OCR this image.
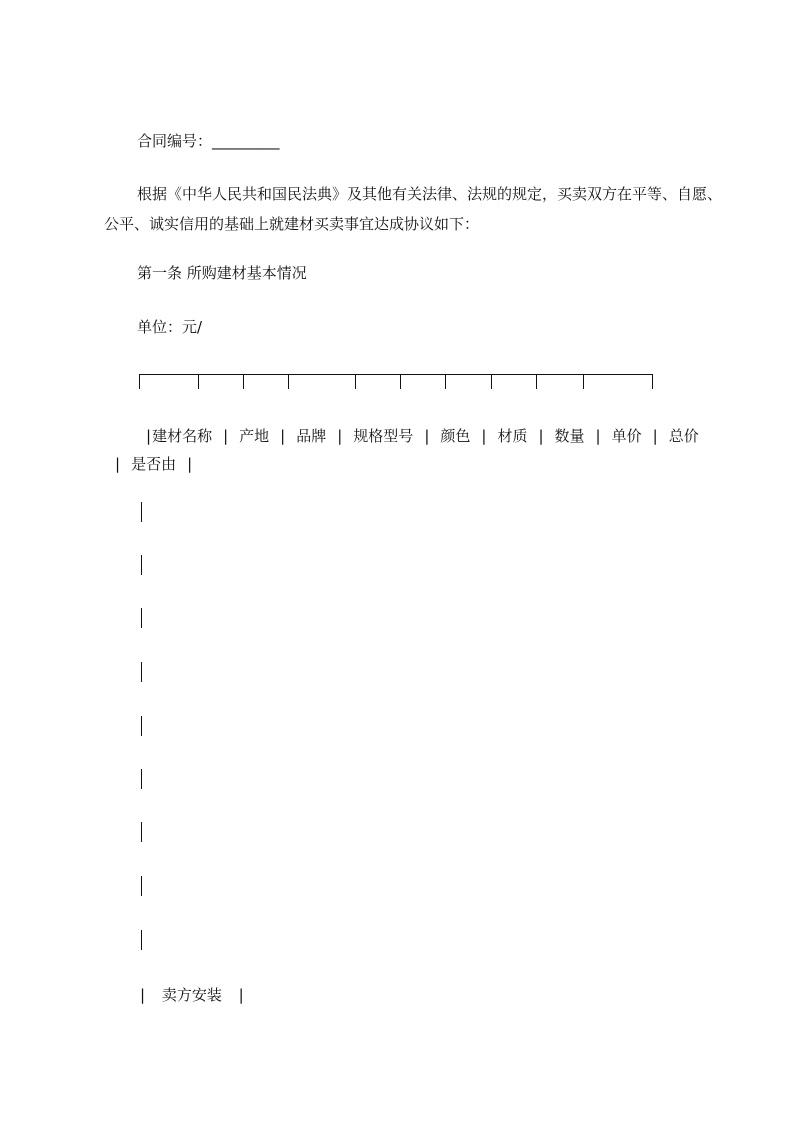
合同编号：_________
根据《中华人民共和国民法典》及其他有关法律、法规的规定，买卖双方在平等、自愿、公平、诚实信用的基础上就建材买卖事宜达成协议如下：
第一条 所购建材基本情况
单位：元/
|建材名称 | 产地 | 品牌 | 规格型号 | 颜色 | 材质 | 数量 | 单价 | 总价| 是否由 |
| 卖方安装 |
